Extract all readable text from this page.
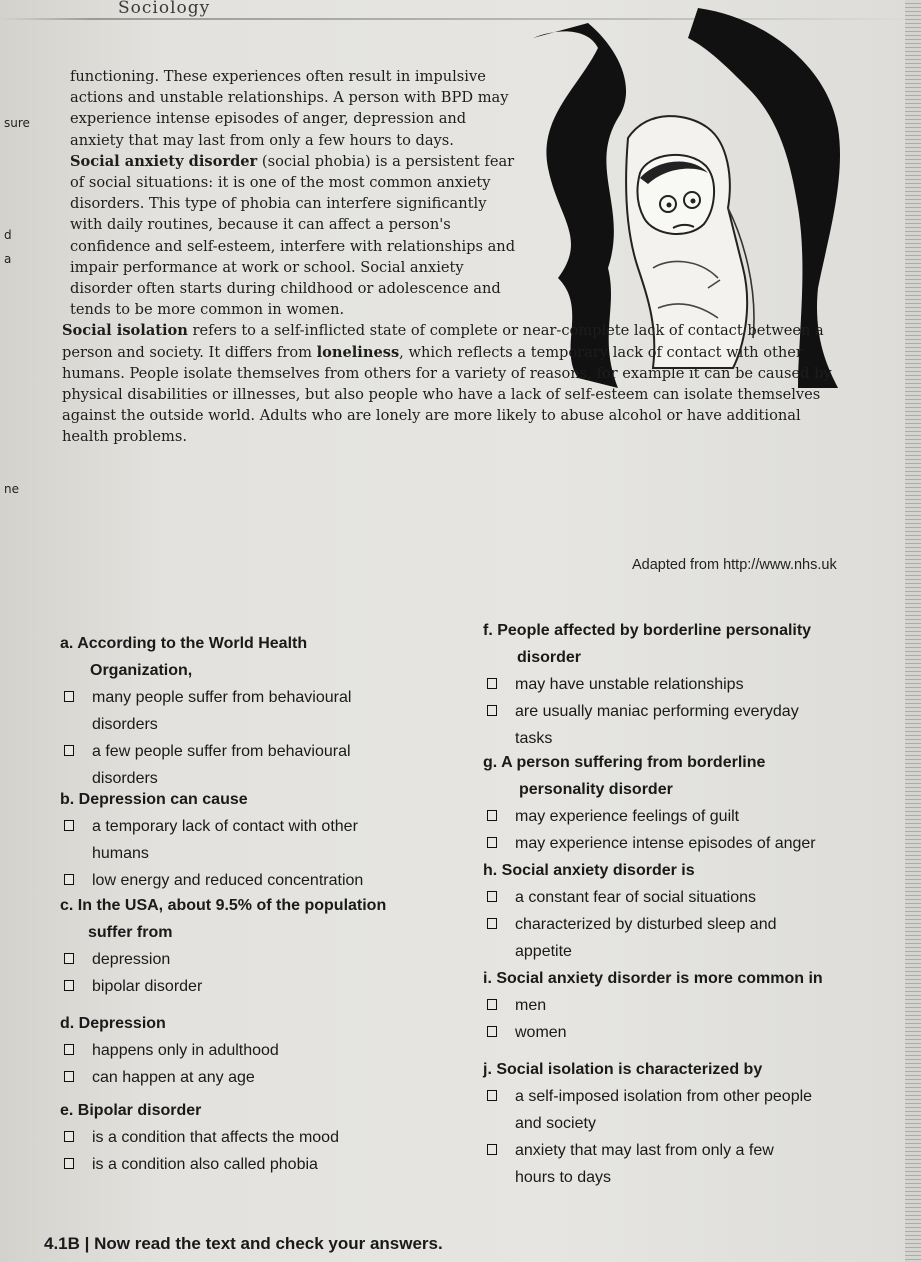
Sociology
sure
d
a
ne

functioning. These experiences often result in impulsive actions and unstable relationships. A person with BPD may experience intense episodes of anger, depression and anxiety that may last from only a few hours to days.

Social anxiety disorder (social phobia) is a persistent fear of social situations: it is one of the most common anxiety disorders. This type of phobia can interfere significantly with daily routines, because it can affect a person's confidence and self-esteem, interfere with relationships and impair performance at work or school. Social anxiety disorder often starts during childhood or adolescence and tends to be more common in women.

Social isolation refers to a self-inflicted state of complete or near-complete lack of contact between a person and society. It differs from loneliness, which reflects a temporary lack of contact with other humans. People isolate themselves from others for a variety of reasons, for example it can be caused by physical disabilities or illnesses, but also people who have a lack of self-esteem can isolate themselves against the outside world. Adults who are lonely are more likely to abuse alcohol or have additional health problems.

Adapted from http://www.nhs.uk
a. According to the World Health
Organization,
many people suffer from behavioural
disorders
a few people suffer from behavioural
disorders
b. Depression can cause
a temporary lack of contact with other
humans
low energy and reduced concentration
c. In the USA, about 9.5% of the population
suffer from
depression
bipolar disorder
d. Depression
happens only in adulthood
can happen at any age
e. Bipolar disorder
is a condition that affects the mood
is a condition also called phobia
f. People affected by borderline personality
disorder
may have unstable relationships
are usually maniac performing everyday
tasks
g. A person suffering from borderline
personality disorder
may experience feelings of guilt
may experience intense episodes of anger
h. Social anxiety disorder is
a constant fear of social situations
characterized by disturbed sleep and
appetite
i. Social anxiety disorder is more common in
men
women
j. Social isolation is characterized by
a self-imposed isolation from other people
and society
anxiety that may last from only a few
hours to days
4.1B | Now read the text and check your answers.
